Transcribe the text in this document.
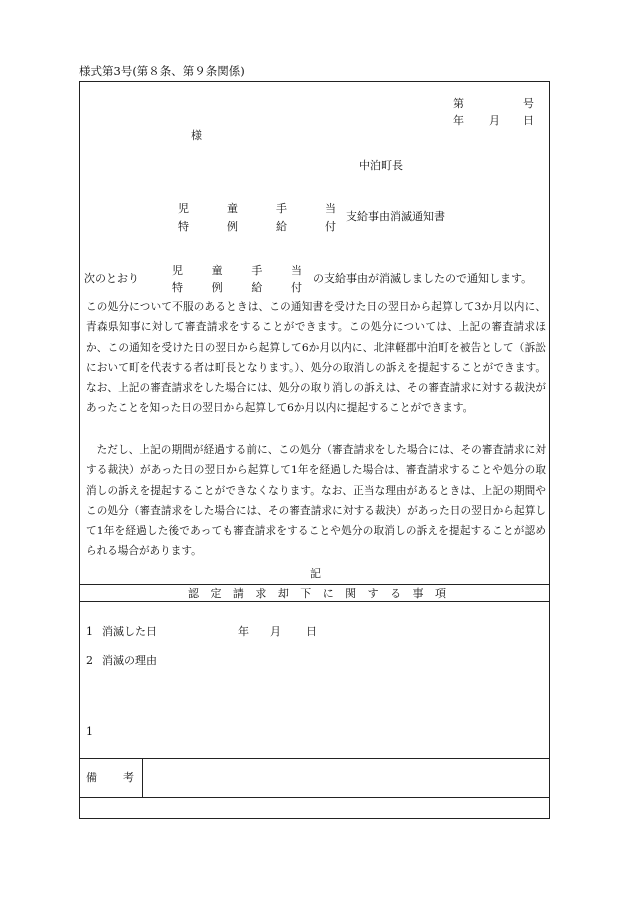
様式第3号(第８条、第９条関係)
第	号
年 月 日
様
中泊町長
児	童	手	当
特	例	給	付
支給事由消滅通知書
次のとおり
児	童	手	当
特	例	給	付
の支給事由が消滅しましたので通知します。
この処分について不服のあるときは、この通知書を受けた日の翌日から起算して3か月以内に、青森県知事に対して審査請求をすることができます。この処分については、上記の審査請求ほか、この通知を受けた日の翌日から起算して6か月以内に、北津軽郡中泊町を被告として（訴訟において町を代表する者は町長となります。）、処分の取消しの訴えを提起することができます。なお、上記の審査請求をした場合には、処分の取り消しの訴えは、その審査請求に対する裁決があったことを知った日の翌日から起算して6か月以内に提起することができます。
ただし、上記の期間が経過する前に、この処分（審査請求をした場合には、その審査請求に対する裁決）があった日の翌日から起算して1年を経過した場合は、審査請求することや処分の取消しの訴えを提起することができなくなります。なお、正当な理由があるときは、上記の期間やこの処分（審査請求をした場合には、その審査請求に対する裁決）があった日の翌日から起算して1年を経過した後であっても審査請求をすることや処分の取消しの訴えを提起することが認められる場合があります。
記
認 定 請 求 却 下 に 関 す る 事 項
1 消滅した日	年 月 日
2 消滅の理由
1
備 考
